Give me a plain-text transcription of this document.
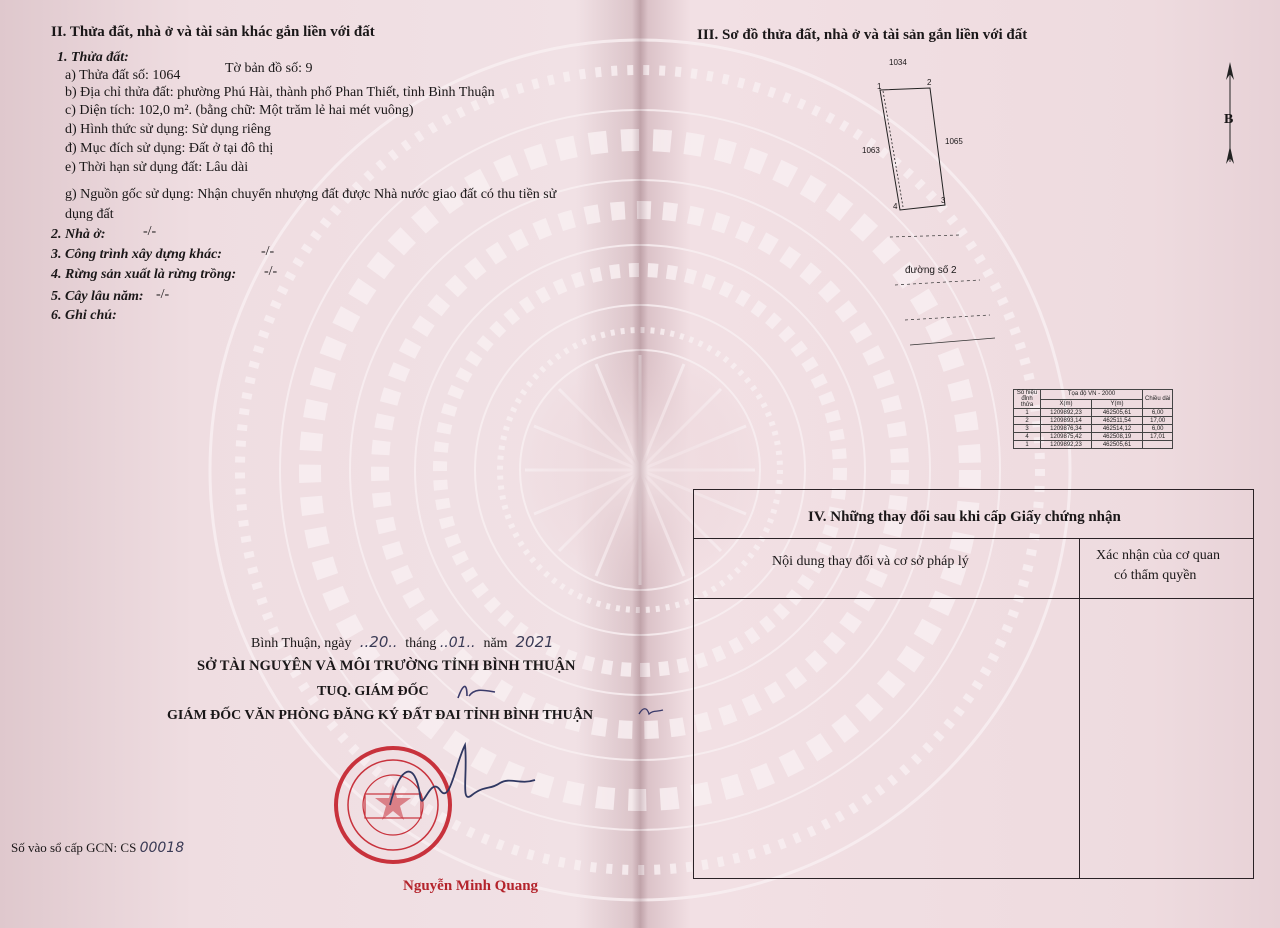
II. Thửa đất, nhà ở và tài sản khác gắn liền với đất
1. Thửa đất:
a) Thửa đất số: 1064	Tờ bản đồ số: 9
b) Địa chỉ thửa đất: phường Phú Hài, thành phố Phan Thiết, tỉnh Bình Thuận
c) Diện tích: 102,0 m². (bằng chữ: Một trăm lẻ hai mét vuông)
d) Hình thức sử dụng: Sử dụng riêng
đ) Mục đích sử dụng: Đất ở tại đô thị
e) Thời hạn sử dụng đất: Lâu dài
g) Nguồn gốc sử dụng: Nhận chuyển nhượng đất được Nhà nước giao đất có thu tiền sử
dụng đất
2. Nhà ở:	-/-
3. Công trình xây dựng khác:	-/-
4. Rừng sản xuất là rừng trồng: -/-
5. Cây lâu năm: -/-
6. Ghi chú:
Bình Thuận, ngày  ..20..  tháng ..01..  năm 2021
SỞ TÀI NGUYÊN VÀ MÔI TRƯỜNG TỈNH BÌNH THUẬN
TUQ. GIÁM ĐỐC
GIÁM ĐỐC VĂN PHÒNG ĐĂNG KÝ ĐẤT ĐAI TỈNH BÌNH THUẬN
Nguyễn Minh Quang
Số vào sổ cấp GCN: CS 00018
III. Sơ đồ thửa đất, nhà ở và tài sản gắn liền với đất
B
1034
1063
1065
1	2
3
4
đường số 2
Số hiệu đỉnh thửa	Tọa độ VN - 2000		Chiều dài
	X(m)	Y(m)	
1	1209892,23	462505,61	6,00
2	1209893,14	462511,54	17,00
3	1209876,34	462514,12	6,00
4	1209875,42	462508,19	17,01
1	1209892,23	462505,61	
IV. Những thay đổi sau khi cấp Giấy chứng nhận
Nội dung thay đổi và cơ sở pháp lý	Xác nhận của cơ quan
có thẩm quyền
